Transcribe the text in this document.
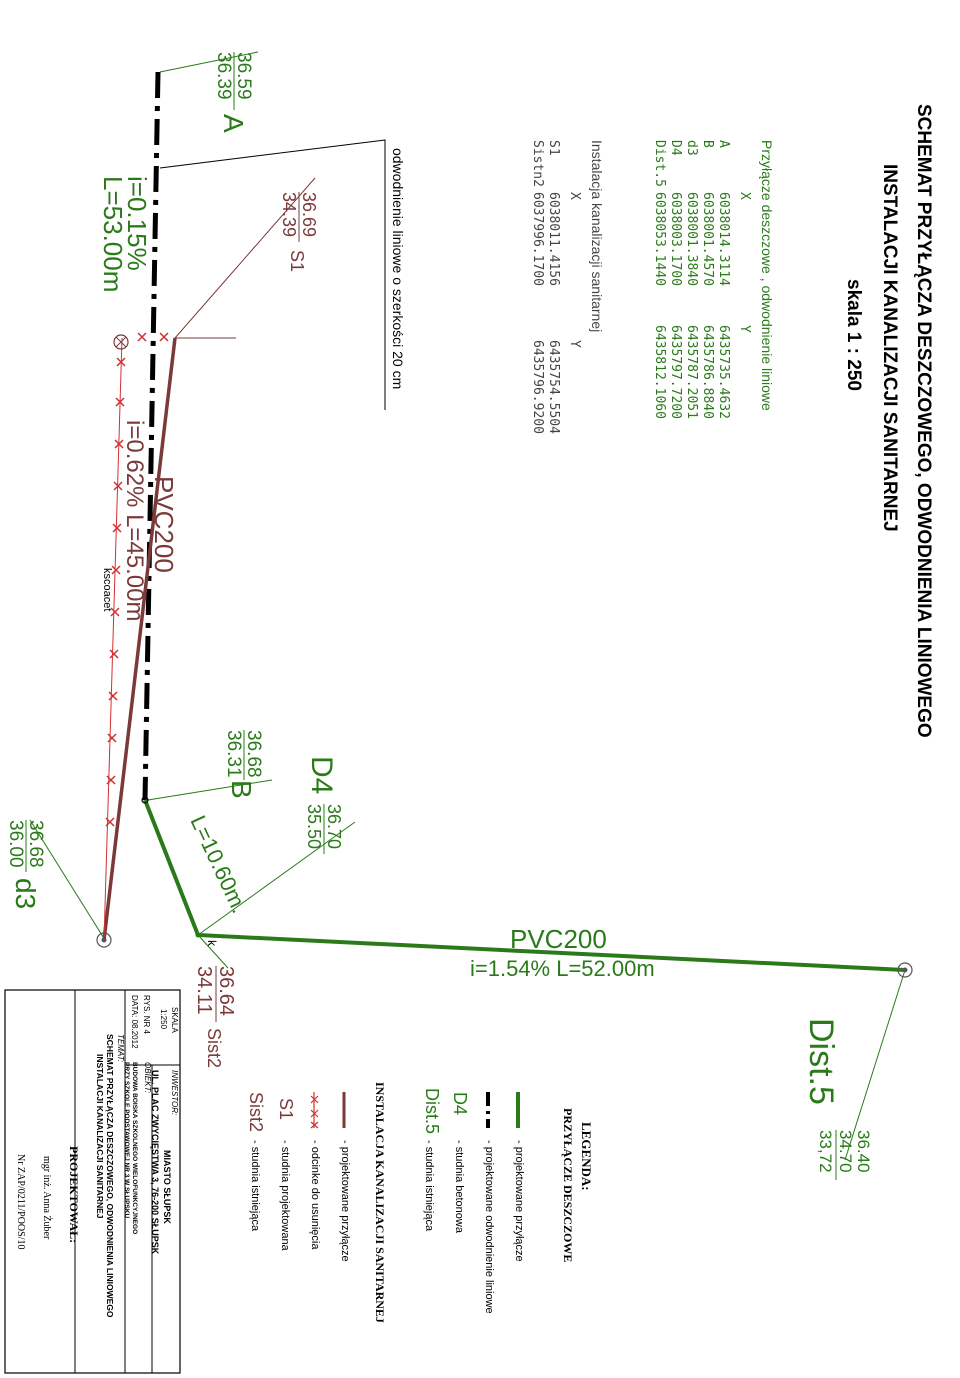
SCHEMAT PRZYŁĄCZA DESZCZOWEGO, ODWODNIENIA LINIOWEGO
INSTALACJI KANALIZACJI SANITARNEJ
skala 1 : 250
Przyłącze deszczowe , odwodnienie liniowe
X
Y
A
6038014.3114
6435735.4632
B
6038001.4570
6435786.8840
d3
6038001.3840
6435787.2051
D4
6038003.1700
6435797.7200
Dist.5
6038053.1440
6435812.1060
Instalacja kanalizacji sanitarnej
X
Y
S1
6038011.4156
6435754.5504
Sistn2
6037996.1700
6435796.9200
odwodnienie liniowe o szerkości 20 cm
kscoacet
36.59
36.39
A
36.69
34.39
S1
i=0.15%
L=53.00m
PVC200
i=0.62% L=45.00m
36.68
36.31
B D4
36.70
35.50
L=10.60m.
36.68
36.00
d3
k	PVC200
i=1.54% L=52.00m
36.64
34.11
Sist2	Dist.5
36.40
34.70
33,72
LEGENDA:
PRZYŁĄCZE DESZCZOWE
- projektowane przyłącze
- projektowane odwodnienie liniowe
D4
- studnia betonowa
Dist.5
- studnia istniejąca
INSTALACJA KANALIZACJI SANITARNEJ
- projektowane przyłącze
- odcinke do usunięcia
S1
- studnia projektowana
Sist2
- studnia istniejąca
SKALA
1:250
RYS. NR 4
DATA: 08.2012
INWESTOR:
MIASTO SŁUPSK
UL. PLAC ZWYCIĘSTWA 3, 76-200 SŁUPSK
OBIEKT:
BUDOWA BOISKA SZKOLNEGO WIELOFUNKCYJNEGO
PRZY SZKOLE PODSTAWOWEJ NR 3 W SŁUPSKU
TEMAT:
SCHEMAT PRZYŁĄCZA DESZCZOWEGO, ODWODNIENIA LINIOWEGO
INSTALACJI KANALIZACJI SANITARNEJ
PROJEKTOWAŁ:
mgr inż. Anna Żuber
Nr ZAP/0211/POOS/10
